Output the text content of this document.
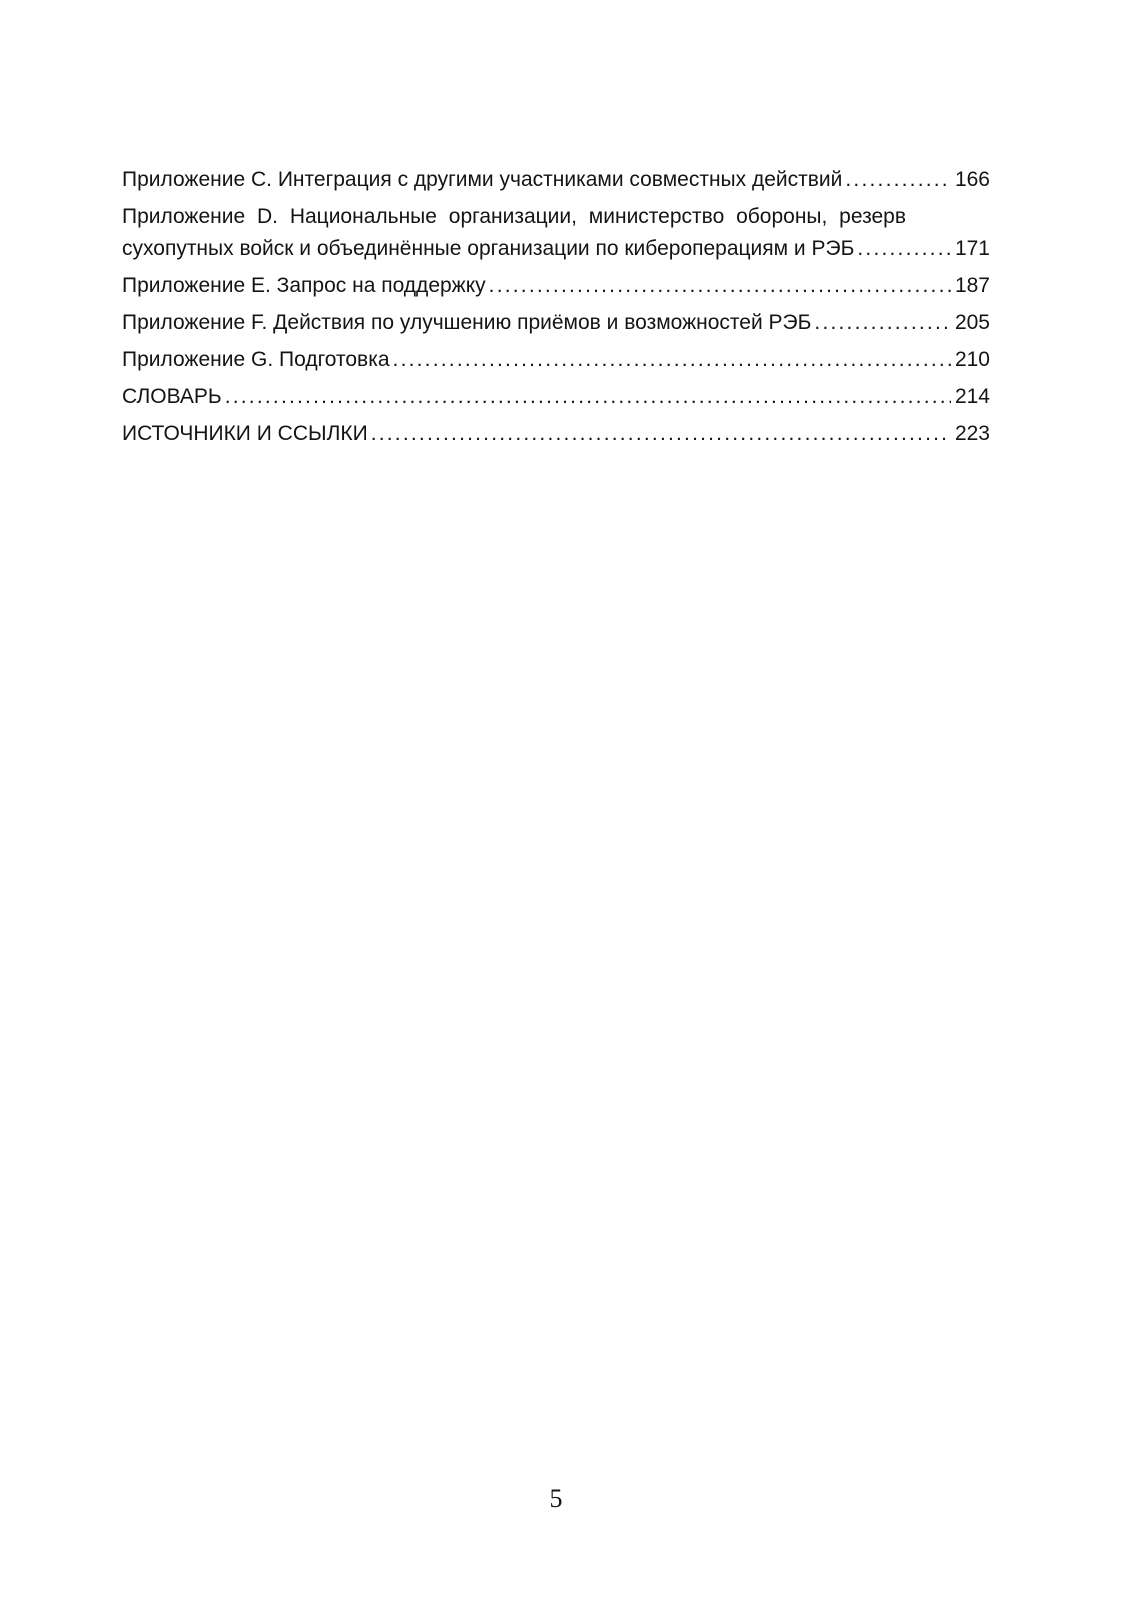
Приложение C. Интеграция с другими участниками совместных действий .....	166
Приложение D. Национальные организации, министерство обороны, резерв
сухопутных войск и объединённые организации по кибероперациям и РЭБ .....	171
Приложение E. Запрос на поддержку .....	187
Приложение F. Действия по улучшению приёмов и возможностей РЭБ .....	205
Приложение G. Подготовка .....	210
СЛОВАРЬ .....	214
ИСТОЧНИКИ И ССЫЛКИ .....	223
5
